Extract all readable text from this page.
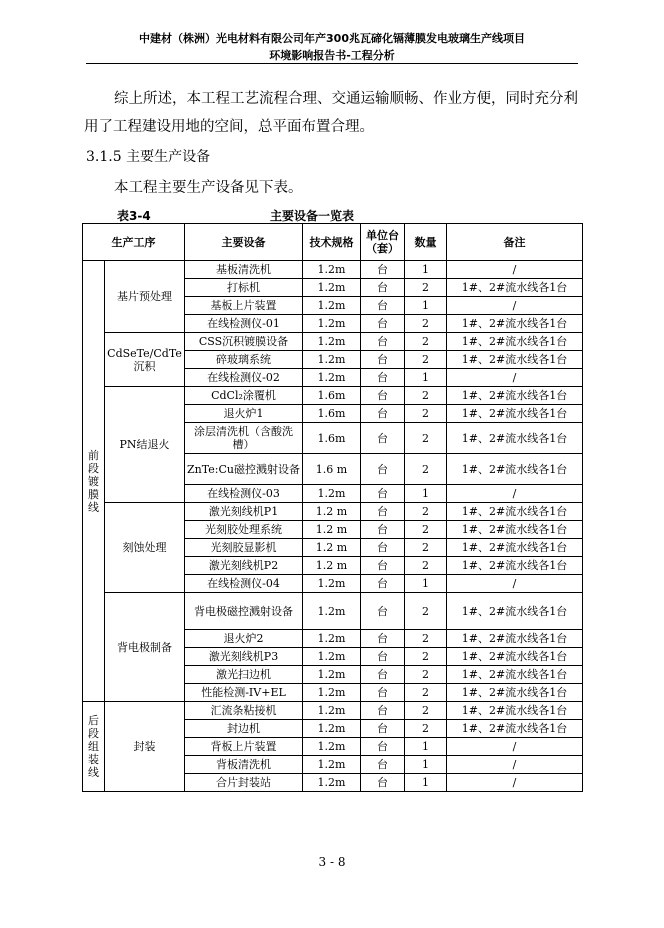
中建材（株洲）光电材料有限公司年产300兆瓦碲化镉薄膜发电玻璃生产线项目
环境影响报告书-工程分析
综上所述，本工程工艺流程合理、交通运输顺畅、作业方便，同时充分利用了工程建设用地的空间，总平面布置合理。
3.1.5 主要生产设备
本工程主要生产设备见下表。
表3-4	主要设备一览表
生产工序		主要设备	技术规格	单位台（套）	数量	备注
前段镀膜线	基片预处理	基板清洗机	1.2m	台	1	/
		打标机	1.2m	台	2	1#、2#流水线各1台
		基板上片装置	1.2m	台	1	/
		在线检测仪-01	1.2m	台	2	1#、2#流水线各1台
	CdSeTe/CdTe沉积	CSS沉积镀膜设备	1.2m	台	2	1#、2#流水线各1台
		碎玻璃系统	1.2m	台	2	1#、2#流水线各1台
		在线检测仪-02	1.2m	台	1	/
	PN结退火	CdCl₂涂覆机	1.6m	台	2	1#、2#流水线各1台
		退火炉1	1.6m	台	2	1#、2#流水线各1台
		涂层清洗机（含酸洗槽）	1.6m	台	2	1#、2#流水线各1台
		ZnTe:Cu磁控溅射设备	1.6 m	台	2	1#、2#流水线各1台
		在线检测仪-03	1.2m	台	1	/
	刻蚀处理	激光刻线机P1	1.2 m	台	2	1#、2#流水线各1台
		光刻胶处理系统	1.2 m	台	2	1#、2#流水线各1台
		光刻胶显影机	1.2 m	台	2	1#、2#流水线各1台
		激光刻线机P2	1.2 m	台	2	1#、2#流水线各1台
		在线检测仪-04	1.2m	台	1	/
	背电极制备	背电极磁控溅射设备	1.2m	台	2	1#、2#流水线各1台
		退火炉2	1.2m	台	2	1#、2#流水线各1台
		激光刻线机P3	1.2m	台	2	1#、2#流水线各1台
		激光扫边机	1.2m	台	2	1#、2#流水线各1台
		性能检测-IV+EL	1.2m	台	2	1#、2#流水线各1台
后段组装线	封装	汇流条粘接机	1.2m	台	2	1#、2#流水线各1台
		封边机	1.2m	台	2	1#、2#流水线各1台
		背板上片装置	1.2m	台	1	/
		背板清洗机	1.2m	台	1	/
		合片封装站	1.2m	台	1	/
3 - 8
